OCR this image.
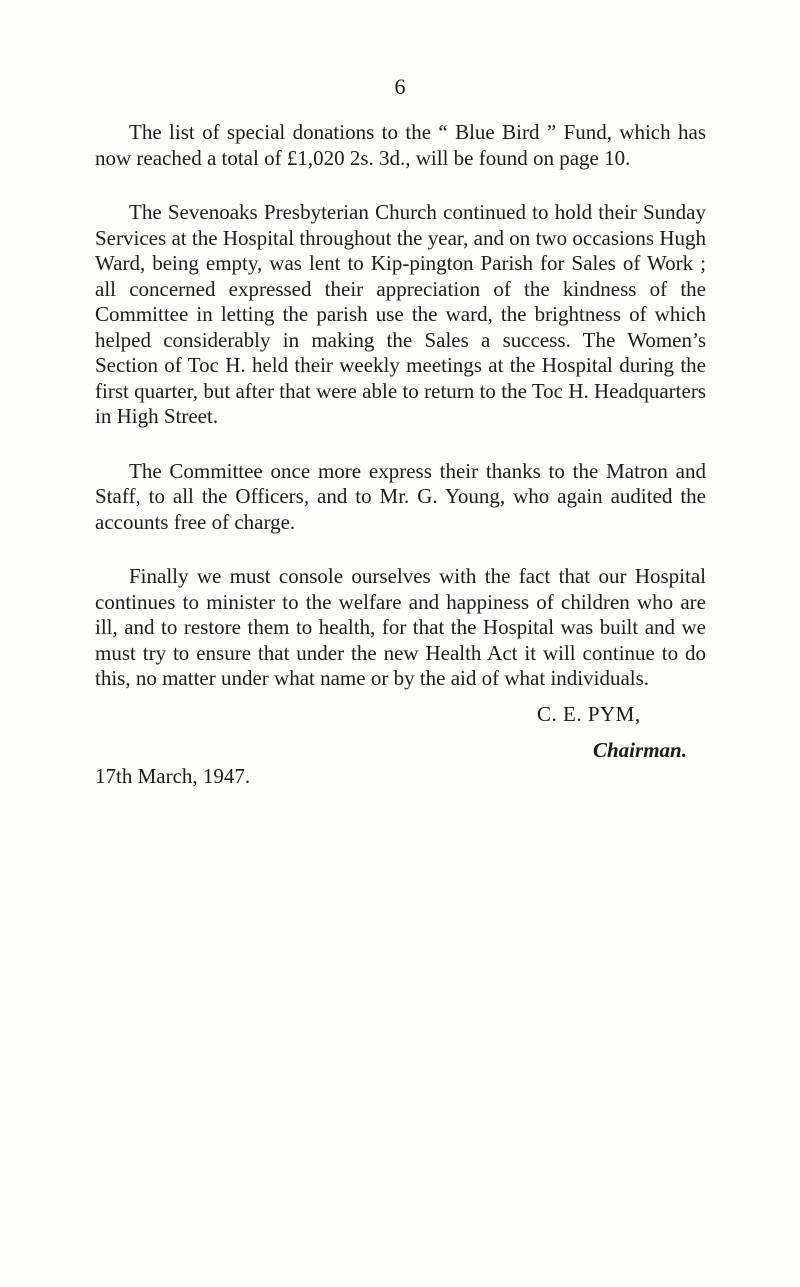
6

The list of special donations to the “ Blue Bird ” Fund, which has now reached a total of £1,020 2s. 3d., will be found on page 10.

The Sevenoaks Presbyterian Church continued to hold their Sunday Services at the Hospital throughout the year, and on two occasions Hugh Ward, being empty, was lent to Kip-pington Parish for Sales of Work ; all concerned expressed their appreciation of the kindness of the Committee in letting the parish use the ward, the brightness of which helped considerably in making the Sales a success. The Women’s Section of Toc H. held their weekly meetings at the Hospital during the first quarter, but after that were able to return to the Toc H. Headquarters in High Street.

The Committee once more express their thanks to the Matron and Staff, to all the Officers, and to Mr. G. Young, who again audited the accounts free of charge.

Finally we must console ourselves with the fact that our Hospital continues to minister to the welfare and happiness of children who are ill, and to restore them to health, for that the Hospital was built and we must try to ensure that under the new Health Act it will continue to do this, no matter under what name or by the aid of what individuals.

C. E. PYM,
Chairman.
17th March, 1947.
